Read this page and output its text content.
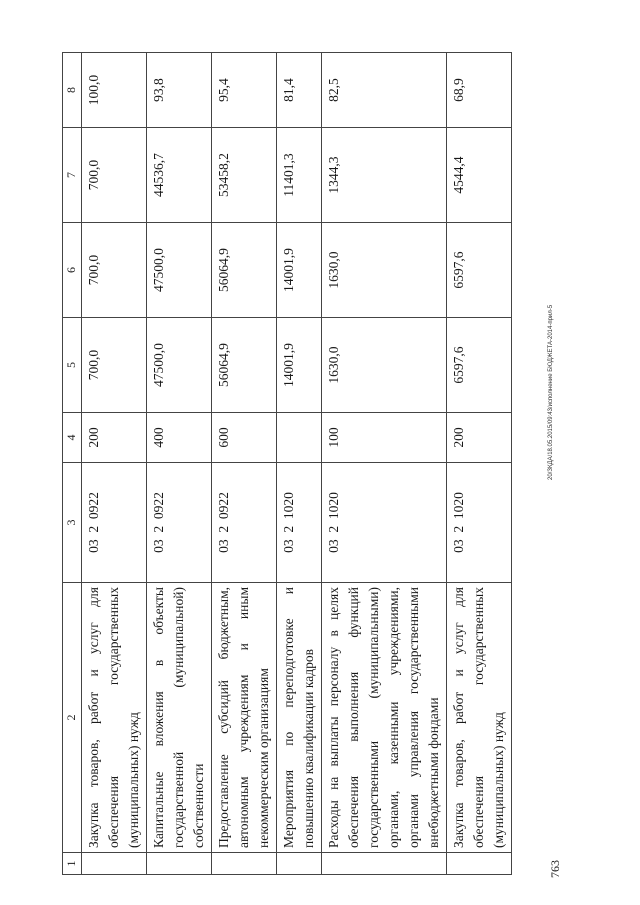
1	2	3	4	5	6	7	8
	Закупка товаров, работ и услуг для обеспечения государственных (муниципальных) нужд	03  2  0922	200	700,0	700,0	700,0	100,0
	Капитальные вложения в объекты государственной (муниципальной) собственности	03  2  0922	400	47500,0	47500,0	44536,7	93,8
	Предоставление субсидий бюджетным, автономным учреждениям и иным некоммерческим организациям	03  2  0922	600	56064,9	56064,9	53458,2	95,4
	Мероприятия по переподготовке и повышению квалификации кадров	03  2  1020		14001,9	14001,9	11401,3	81,4
	Расходы на выплаты персоналу в целях обеспечения выполнения функций государственными (муниципальными) органами, казенными учреждениями, органами управления государственными внебюджетными фондами	03  2  1020	100	1630,0	1630,0	1344,3	82,5
	Закупка товаров, работ и услуг для обеспечения государственных (муниципальных) нужд	03  2  1020	200	6597,6	6597,6	4544,4	68,9
20/ЗКДА/18.05.2015/09:43/исполнение БЮДЖЕТА-2014-прил-5
763
